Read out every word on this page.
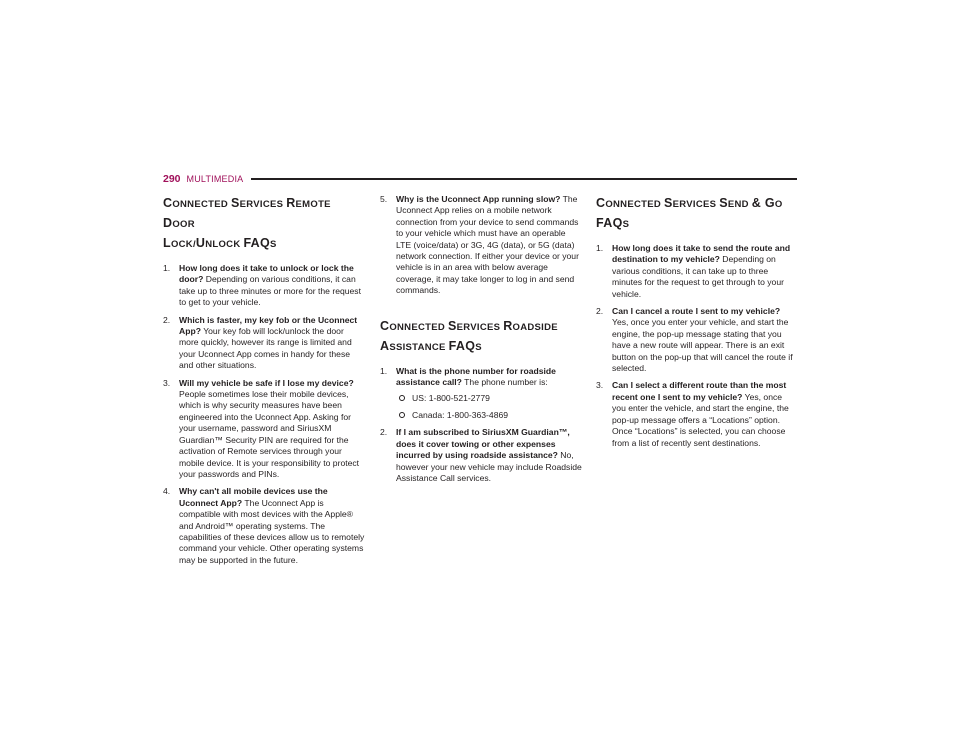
290 MULTIMEDIA
CONNECTED SERVICES REMOTE DOOR
LOCK/UNLOCK FAQS
1. How long does it take to unlock or lock the door? Depending on various conditions, it can take up to three minutes or more for the request to get to your vehicle.
2. Which is faster, my key fob or the Uconnect App? Your key fob will lock/unlock the door more quickly, however its range is limited and your Uconnect App comes in handy for these and other situations.
3. Will my vehicle be safe if I lose my device? People sometimes lose their mobile devices, which is why security measures have been engineered into the Uconnect App. Asking for your username, password and SiriusXM Guardian™ Security PIN are required for the activation of Remote services through your mobile device. It is your responsibility to protect your passwords and PINs.
4. Why can't all mobile devices use the Uconnect App? The Uconnect App is compatible with most devices with the Apple® and Android™ operating systems. The capabilities of these devices allow us to remotely command your vehicle. Other operating systems may be supported in the future.
5. Why is the Uconnect App running slow? The Uconnect App relies on a mobile network connection from your device to send commands to your vehicle which must have an operable LTE (voice/data) or 3G, 4G (data), or 5G (data) network connection. If either your device or your vehicle is in an area with below average coverage, it may take longer to log in and send commands.
CONNECTED SERVICES ROADSIDE
ASSISTANCE FAQS
1. What is the phone number for roadside assistance call? The phone number is:
US: 1-800-521-2779
Canada: 1-800-363-4869
2. If I am subscribed to SiriusXM Guardian™, does it cover towing or other expenses incurred by using roadside assistance? No, however your new vehicle may include Roadside Assistance Call services.
CONNECTED SERVICES SEND & GO
FAQS
1. How long does it take to send the route and destination to my vehicle? Depending on various conditions, it can take up to three minutes for the request to get through to your vehicle.
2. Can I cancel a route I sent to my vehicle? Yes, once you enter your vehicle, and start the engine, the pop-up message stating that you have a new route will appear. There is an exit button on the pop-up that will cancel the route if selected.
3. Can I select a different route than the most recent one I sent to my vehicle? Yes, once you enter the vehicle, and start the engine, the pop-up message offers a “Locations” option. Once “Locations” is selected, you can choose from a list of recently sent destinations.
